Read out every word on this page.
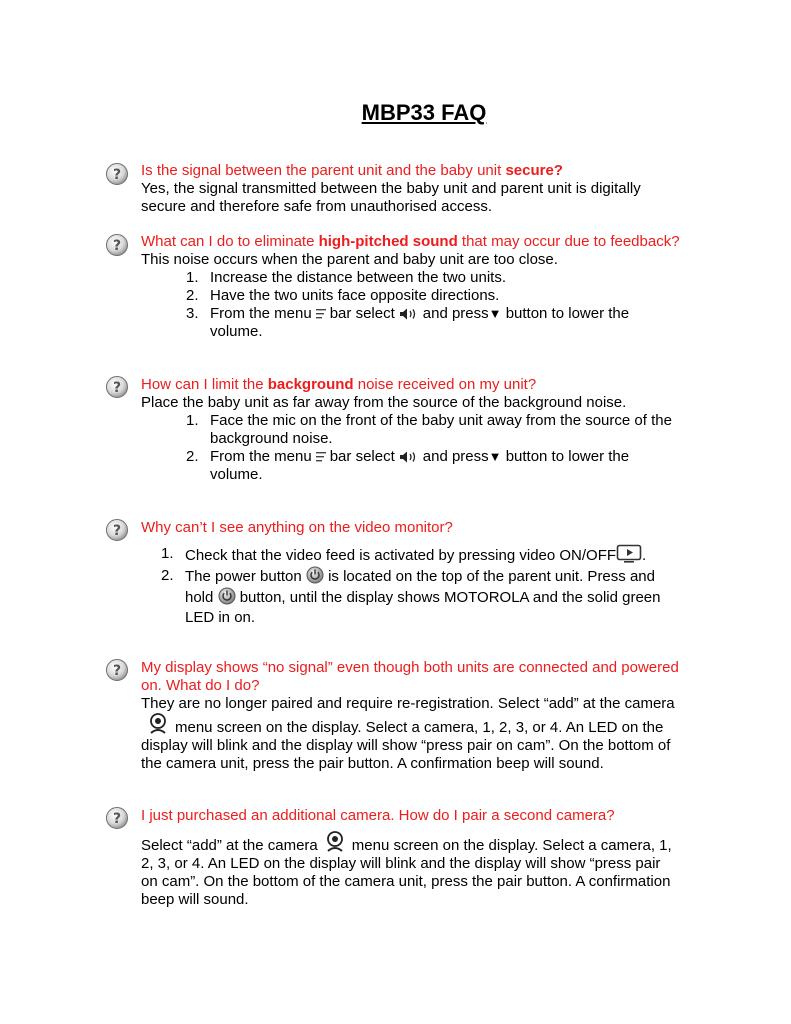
MBP33 FAQ
Is the signal between the parent unit and the baby unit secure?
Yes, the signal transmitted between the baby unit and parent unit is digitally secure and therefore safe from unauthorised access.
What can I do to eliminate high-pitched sound that may occur due to feedback?
This noise occurs when the parent and baby unit are too close.
1. Increase the distance between the two units.
2. Have the two units face opposite directions.
3. From the menu bar select and press▼ button to lower the volume.
How can I limit the background noise received on my unit?
Place the baby unit as far away from the source of the background noise.
1. Face the mic on the front of the baby unit away from the source of the background noise.
2. From the menu bar select and press▼ button to lower the volume.
Why can’t I see anything on the video monitor?
1. Check that the video feed is activated by pressing video ON/OFF .
2. The power button is located on the top of the parent unit. Press and hold button, until the display shows MOTOROLA and the solid green LED in on.
My display shows “no signal” even though both units are connected and powered on. What do I do?
They are no longer paired and require re-registration. Select “add” at the cameramenu screen on the display. Select a camera, 1, 2, 3, or 4. An LED on the display will blink and the display will show “press pair on cam”. On the bottom of the camera unit, press the pair button. A confirmation beep will sound.
I just purchased an additional camera. How do I pair a second camera?
Select “add” at the camera menu screen on the display. Select a camera, 1, 2, 3, or 4. An LED on the display will blink and the display will show “press pair on cam”. On the bottom of the camera unit, press the pair button. A confirmation beep will sound.
